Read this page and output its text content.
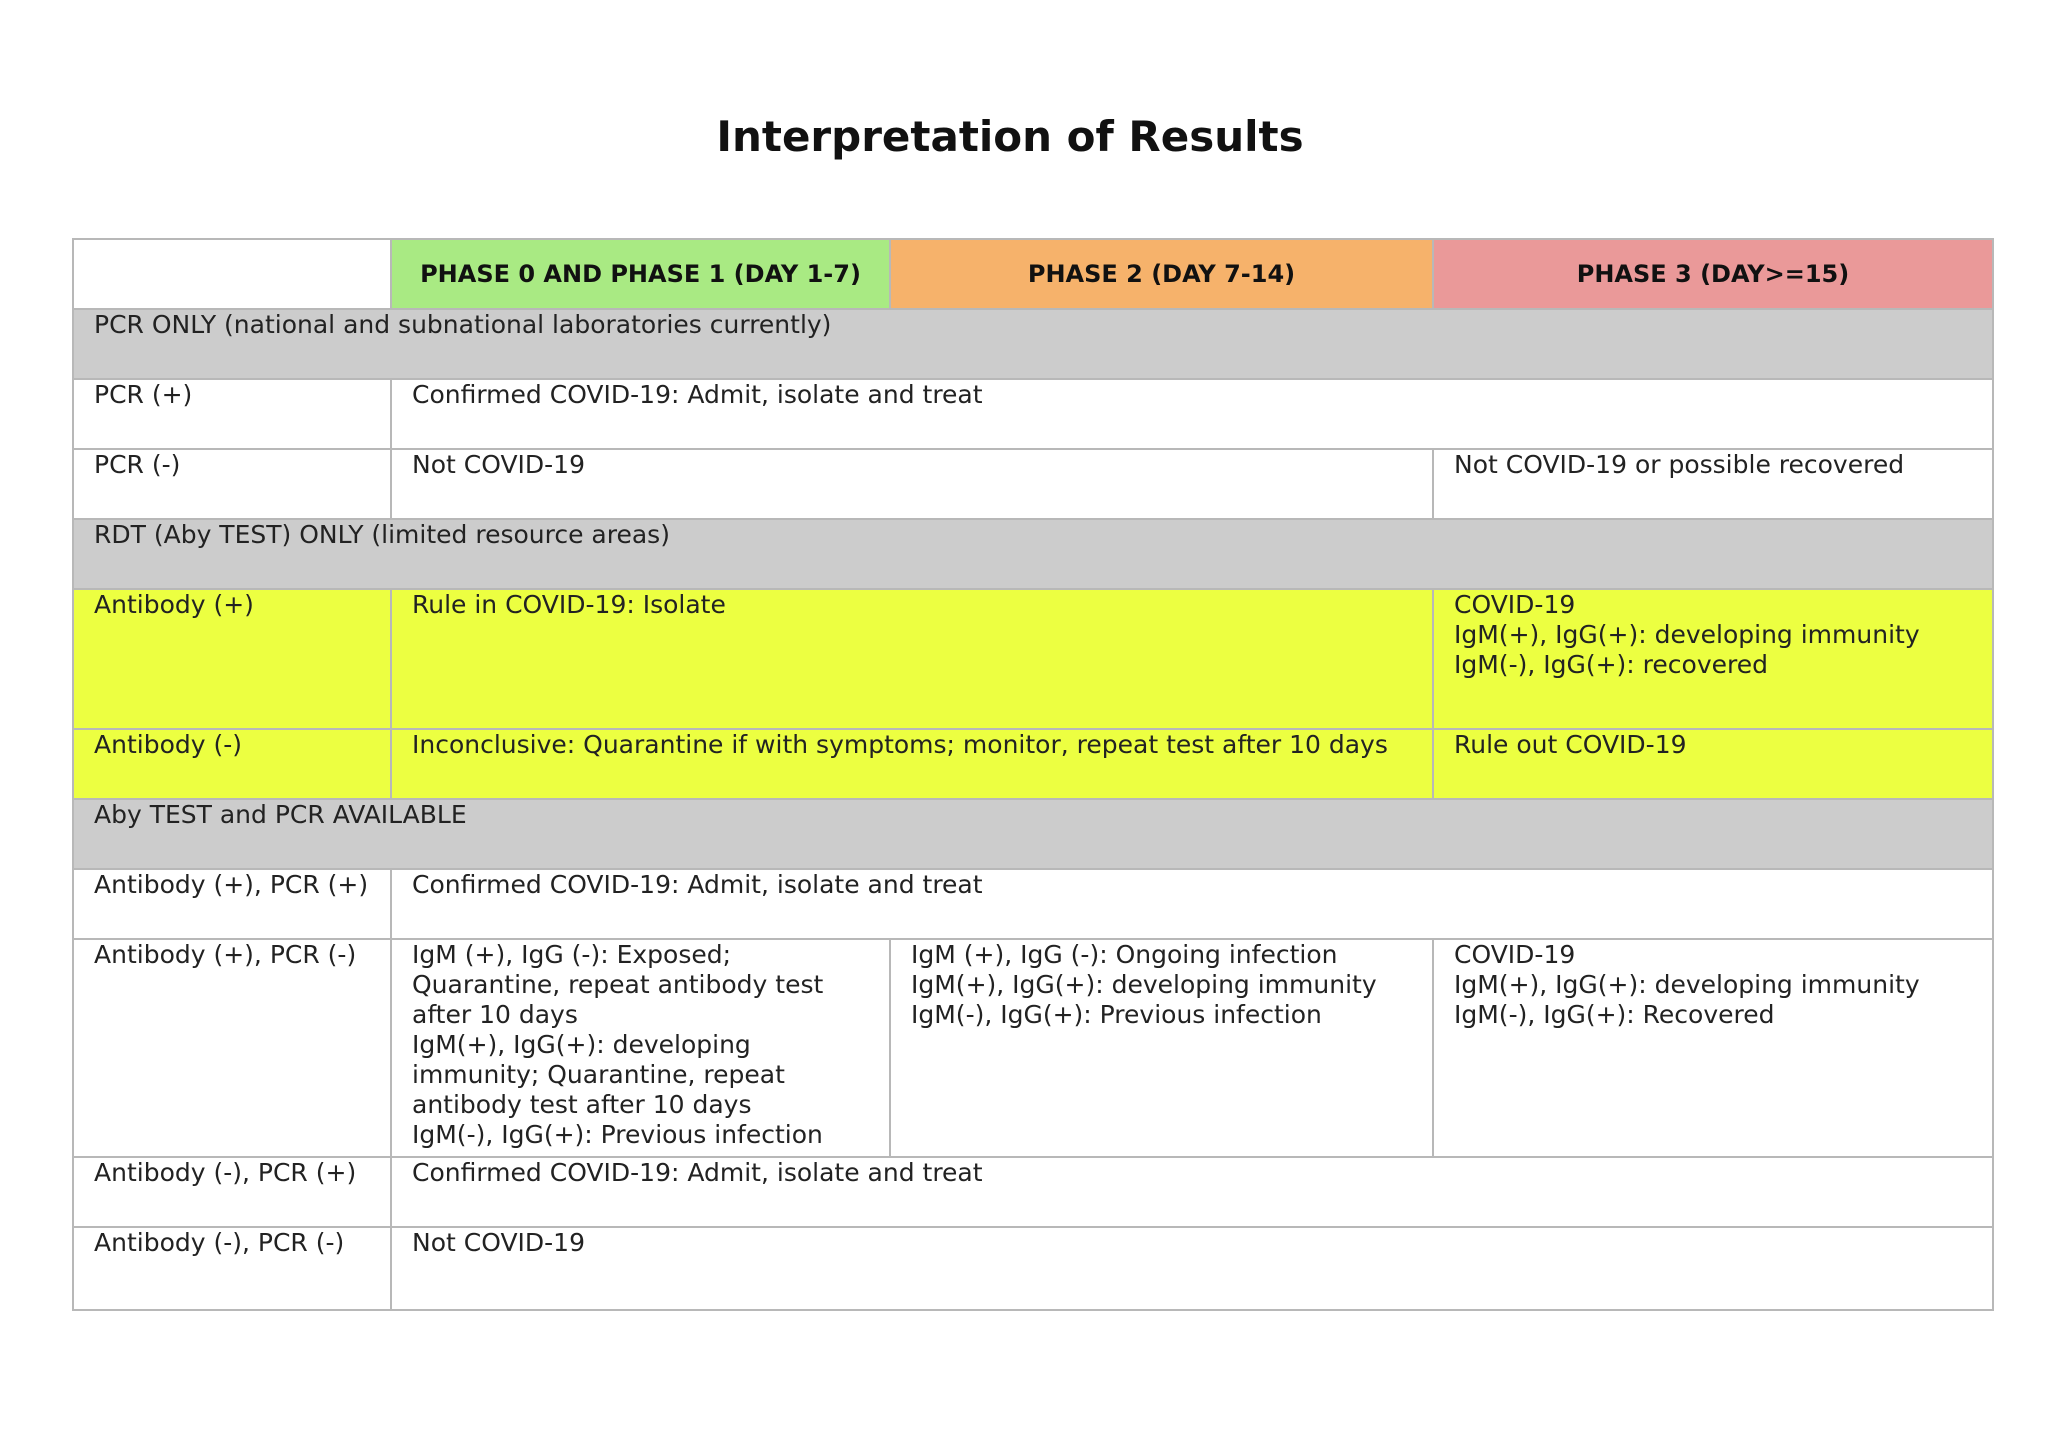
Interpretation of Results
	PHASE 0 AND PHASE 1 (DAY 1-7)	PHASE 2 (DAY 7-14)	PHASE 3 (DAY>=15)
PCR ONLY (national and subnational laboratories currently)			
PCR (+)	Confirmed COVID-19: Admit, isolate and treat		
PCR (-)	Not COVID-19		Not COVID-19 or possible recovered
RDT (Aby TEST) ONLY (limited resource areas)			
Antibody (+)	Rule in COVID-19: Isolate		COVID-19
IgM(+), IgG(+): developing immunity
IgM(-), IgG(+): recovered

Antibody (-)	Inconclusive: Quarantine if with symptoms; monitor, repeat test after 10 days		Rule out COVID-19
Aby TEST and PCR AVAILABLE			
Antibody (+), PCR (+)	Confirmed COVID-19: Admit, isolate and treat		
Antibody (+), PCR (-)	IgM (+), IgG (-): Exposed; Quarantine, repeat antibody test after 10 days
IgM(+), IgG(+): developing immunity; Quarantine, repeat antibody test after 10 days
IgM(-), IgG(+): Previous infection	IgM (+), IgG (-): Ongoing infection
IgM(+), IgG(+): developing immunity
IgM(-), IgG(+): Previous infection	COVID-19
IgM(+), IgG(+): developing immunity
IgM(-), IgG(+): Recovered

Antibody (-), PCR (+)	Confirmed COVID-19: Admit, isolate and treat		
Antibody (-), PCR (-)	Not COVID-19		
